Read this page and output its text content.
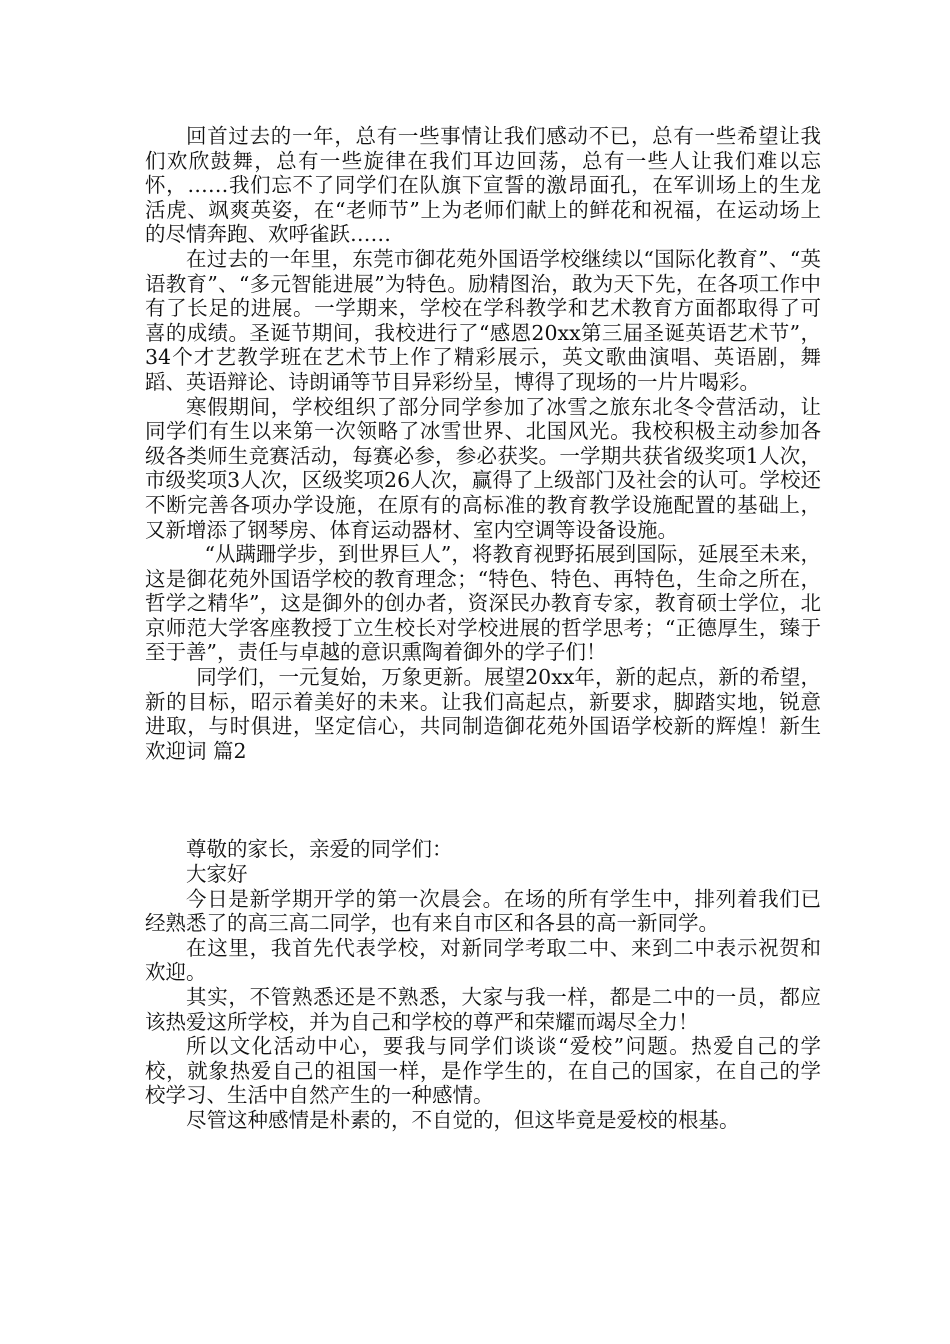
回首过去的一年，总有一些事情让我们感动不已，总有一些希望让我们欢欣鼓舞，总有一些旋律在我们耳边回荡，总有一些人让我们难以忘怀，……我们忘不了同学们在队旗下宣誓的激昂面孔，在军训场上的生龙活虎、飒爽英姿，在“老师节”上为老师们献上的鲜花和祝福，在运动场上的尽情奔跑、欢呼雀跃……

在过去的一年里，东莞市御花苑外国语学校继续以“国际化教育”、“英语教育”、“多元智能进展”为特色。励精图治，敢为天下先，在各项工作中有了长足的进展。一学期来，学校在学科教学和艺术教育方面都取得了可喜的成绩。圣诞节期间，我校进行了“感恩20xx第三届圣诞英语艺术节”，34个才艺教学班在艺术节上作了精彩展示，英文歌曲演唱、英语剧，舞蹈、英语辩论、诗朗诵等节目异彩纷呈，博得了现场的一片片喝彩。

寒假期间，学校组织了部分同学参加了冰雪之旅东北冬令营活动，让同学们有生以来第一次领略了冰雪世界、北国风光。我校积极主动参加各级各类师生竞赛活动，每赛必参，参必获奖。一学期共获省级奖项1人次，市级奖项3人次，区级奖项26人次，赢得了上级部门及社会的认可。学校还不断完善各项办学设施，在原有的高标准的教育教学设施配置的基础上，又新增添了钢琴房、体育运动器材、室内空调等设备设施。

“从蹒跚学步，到世界巨人”，将教育视野拓展到国际，延展至未来，这是御花苑外国语学校的教育理念；“特色、特色、再特色，生命之所在，哲学之精华”，这是御外的创办者，资深民办教育专家，教育硕士学位，北京师范大学客座教授丁立生校长对学校进展的哲学思考；“正德厚生，臻于至于善”，责任与卓越的意识熏陶着御外的学子们！

同学们，一元复始，万象更新。展望20xx年，新的起点，新的希望，新的目标，昭示着美好的未来。让我们高起点，新要求，脚踏实地，锐意进取，与时俱进，坚定信心，共同制造御花苑外国语学校新的辉煌！新生欢迎词 篇2

尊敬的家长，亲爱的同学们：

大家好

今日是新学期开学的第一次晨会。在场的所有学生中，排列着我们已经熟悉了的高三高二同学，也有来自市区和各县的高一新同学。

在这里，我首先代表学校，对新同学考取二中、来到二中表示祝贺和欢迎。

其实，不管熟悉还是不熟悉，大家与我一样，都是二中的一员，都应该热爱这所学校，并为自己和学校的尊严和荣耀而竭尽全力！

所以文化活动中心，要我与同学们谈谈“爱校”问题。热爱自己的学校，就象热爱自己的祖国一样，是作学生的，在自己的国家，在自己的学校学习、生活中自然产生的一种感情。

尽管这种感情是朴素的，不自觉的，但这毕竟是爱校的根基。
